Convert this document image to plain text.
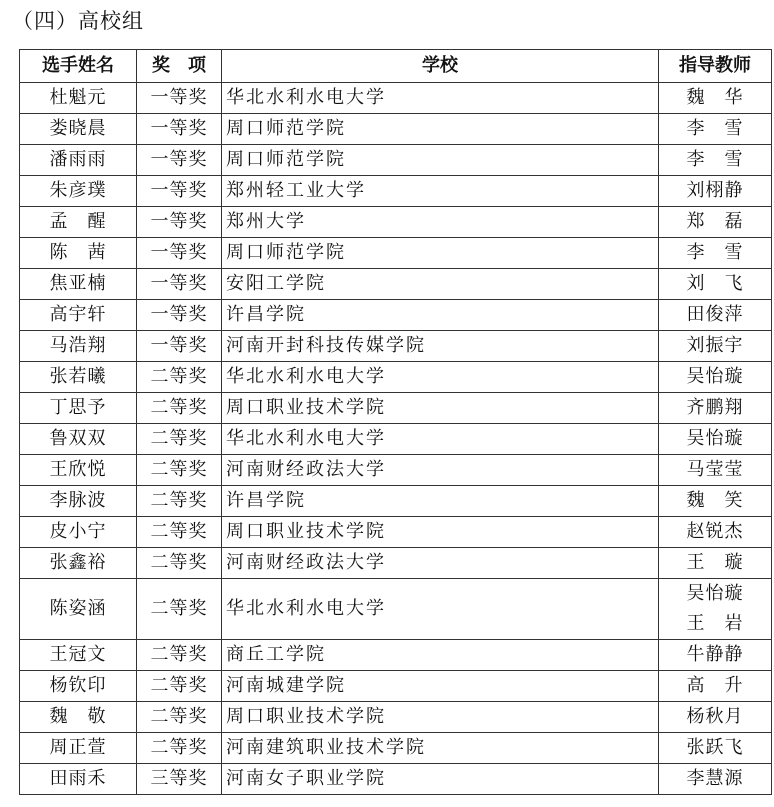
（四）高校组
选手姓名	奖　项	学校	指导教师
杜魁元	一等奖	华北水利水电大学	魏　华

娄晓晨	一等奖	周口师范学院	李　雪

潘雨雨	一等奖	周口师范学院	李　雪

朱彦璞	一等奖	郑州轻工业大学	刘栩静

孟　醒	一等奖	郑州大学	郑　磊

陈　茜	一等奖	周口师范学院	李　雪

焦亚楠	一等奖	安阳工学院	刘　飞

高宇轩	一等奖	许昌学院	田俊萍

马浩翔	一等奖	河南开封科技传媒学院	刘振宇

张若曦	二等奖	华北水利水电大学	吴怡璇

丁思予	二等奖	周口职业技术学院	齐鹏翔

鲁双双	二等奖	华北水利水电大学	吴怡璇

王欣悦	二等奖	河南财经政法大学	马莹莹

李脉波	二等奖	许昌学院	魏　笑

皮小宁	二等奖	周口职业技术学院	赵锐杰

张鑫裕	二等奖	河南财经政法大学	王　璇

陈姿涵	二等奖	华北水利水电大学	吴怡璇
王　岩

王冠文	二等奖	商丘工学院	牛静静

杨钦印	二等奖	河南城建学院	高　升

魏　敬	二等奖	周口职业技术学院	杨秋月

周正萱	二等奖	河南建筑职业技术学院	张跃飞

田雨禾	三等奖	河南女子职业学院	李慧源
